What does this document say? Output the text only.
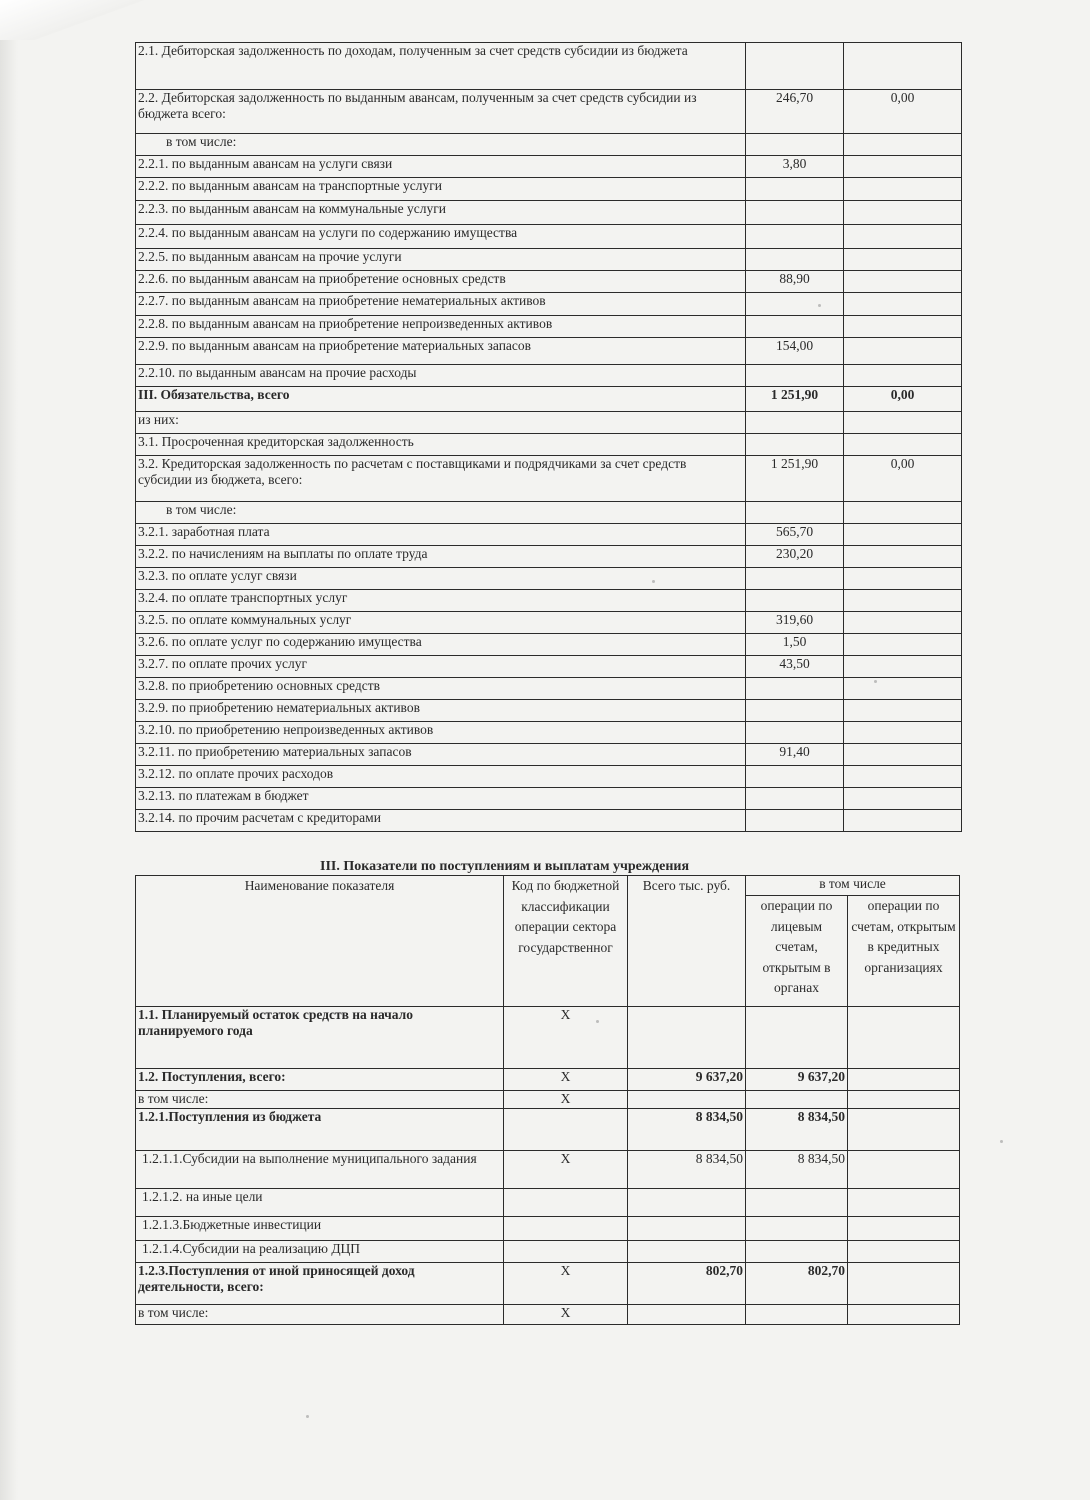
2.1. Дебиторская задолженность по доходам, полученным за счет средств субсидии из бюджета		
2.2. Дебиторская задолженность по выданным авансам, полученным за счет средств субсидии из бюджета всего:	246,70	0,00
в том числе:		
2.2.1. по выданным авансам на услуги связи	3,80	
2.2.2. по выданным авансам на транспортные услуги		
2.2.3. по выданным авансам на коммунальные услуги		
2.2.4. по выданным авансам на услуги по содержанию имущества		
2.2.5. по выданным авансам на прочие услуги		
2.2.6. по выданным авансам на приобретение основных средств	88,90	
2.2.7. по выданным авансам на приобретение нематериальных активов		
2.2.8. по выданным авансам на приобретение непроизведенных активов		
2.2.9. по выданным авансам на приобретение материальных запасов	154,00	
2.2.10. по выданным авансам на прочие расходы		
III. Обязательства, всего	1 251,90	0,00
из них:		
3.1. Просроченная кредиторская задолженность		
3.2. Кредиторская задолженность по расчетам с поставщиками и подрядчиками за счет средств субсидии из бюджета, всего:	1 251,90	0,00
в том числе:		
3.2.1. заработная плата	565,70	
3.2.2. по начислениям на выплаты по оплате труда	230,20	
3.2.3. по оплате услуг связи		
3.2.4. по оплате транспортных услуг		
3.2.5. по оплате коммунальных услуг	319,60	
3.2.6. по оплате услуг по содержанию имущества	1,50	
3.2.7. по оплате прочих услуг	43,50	
3.2.8. по приобретению основных средств		
3.2.9. по приобретению нематериальных активов		
3.2.10. по приобретению непроизведенных активов		
3.2.11. по приобретению материальных запасов	91,40	
3.2.12. по оплате прочих расходов		
3.2.13. по платежам в бюджет		
3.2.14. по прочим расчетам с кредиторами		
III. Показатели по поступлениям и выплатам учреждения
Наименование показателя	Код по бюджетной классификации операции сектора государственног	Всего тыс. руб.	в том числе	
			операции по лицевым счетам, открытым в органах	операции по счетам, открытым в кредитных организациях
1.1. Планируемый остаток средств на начало планируемого года	X			
1.2. Поступления, всего:	X	9 637,20	9 637,20	
в том числе:	X			
1.2.1.Поступления из бюджета		8 834,50	8 834,50	
1.2.1.1.Субсидии на выполнение муниципального задания	X	8 834,50	8 834,50	
1.2.1.2. на иные цели				
1.2.1.3.Бюджетные инвестиции				
1.2.1.4.Субсидии на реализацию ДЦП				
1.2.3.Поступления от иной приносящей доход деятельности, всего:	X	802,70	802,70	
в том числе:	X			
